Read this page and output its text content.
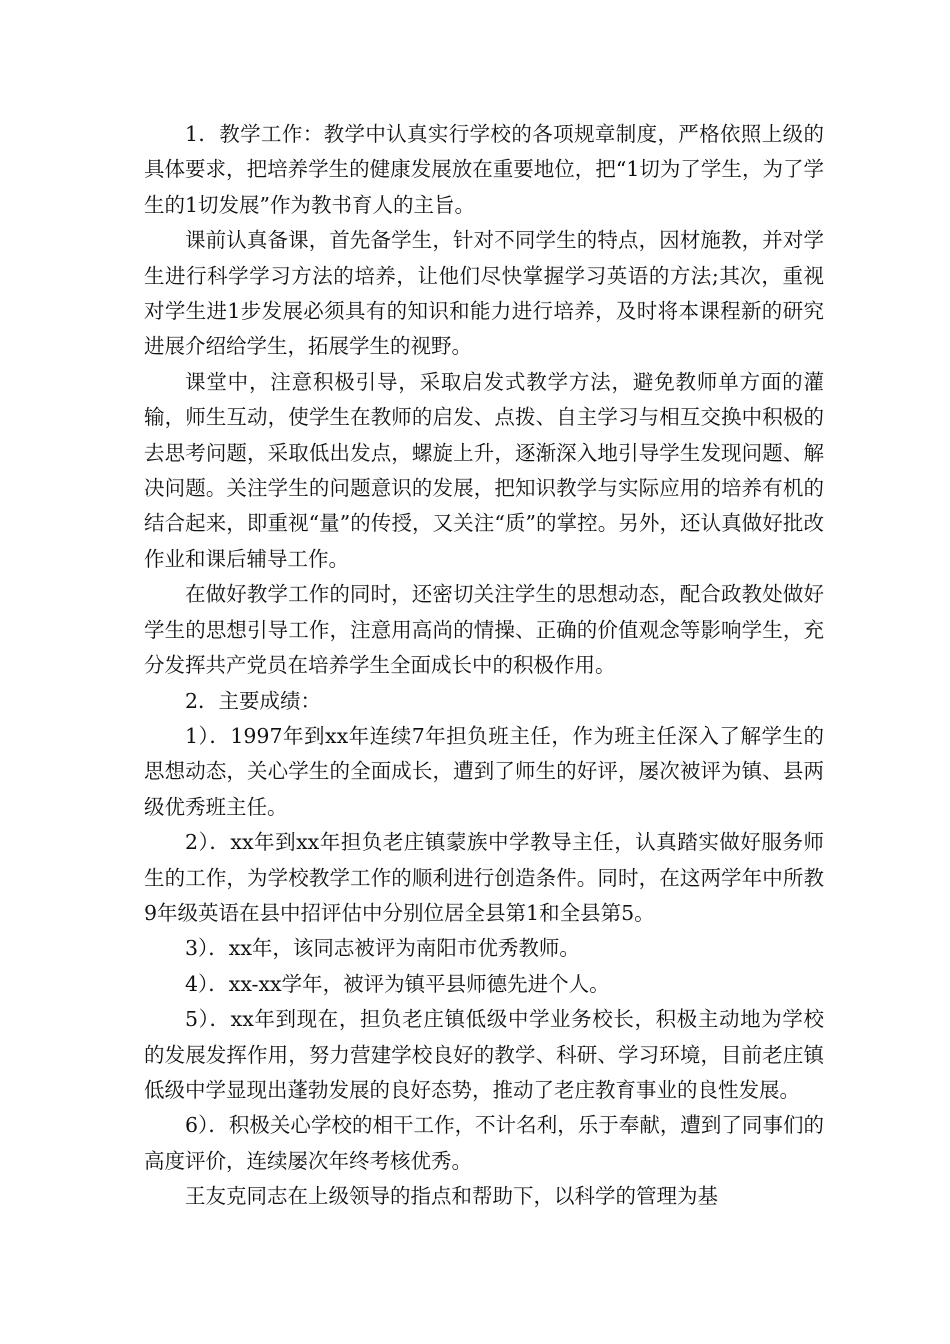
1．教学工作：教学中认真实行学校的各项规章制度，严格依照上级的具体要求，把培养学生的健康发展放在重要地位，把“1切为了学生，为了学生的1切发展”作为教书育人的主旨。

课前认真备课，首先备学生，针对不同学生的特点，因材施教，并对学生进行科学学习方法的培养，让他们尽快掌握学习英语的方法;其次，重视对学生进1步发展必须具有的知识和能力进行培养，及时将本课程新的研究进展介绍给学生，拓展学生的视野。

课堂中，注意积极引导，采取启发式教学方法，避免教师单方面的灌输，师生互动，使学生在教师的启发、点拨、自主学习与相互交换中积极的去思考问题，采取低出发点，螺旋上升，逐渐深入地引导学生发现问题、解决问题。关注学生的问题意识的发展，把知识教学与实际应用的培养有机的结合起来，即重视“量”的传授，又关注“质”的掌控。另外，还认真做好批改作业和课后辅导工作。

在做好教学工作的同时，还密切关注学生的思想动态，配合政教处做好学生的思想引导工作，注意用高尚的情操、正确的价值观念等影响学生，充分发挥共产党员在培养学生全面成长中的积极作用。

2．主要成绩：

1）．1997年到xx年连续7年担负班主任，作为班主任深入了解学生的思想动态，关心学生的全面成长，遭到了师生的好评，屡次被评为镇、县两级优秀班主任。

2）．xx年到xx年担负老庄镇蒙族中学教导主任，认真踏实做好服务师生的工作，为学校教学工作的顺利进行创造条件。同时，在这两学年中所教9年级英语在县中招评估中分别位居全县第1和全县第5。

3）．xx年，该同志被评为南阳市优秀教师。

4）．xx-xx学年，被评为镇平县师德先进个人。

5）．xx年到现在，担负老庄镇低级中学业务校长，积极主动地为学校的发展发挥作用，努力营建学校良好的教学、科研、学习环境，目前老庄镇低级中学显现出蓬勃发展的良好态势，推动了老庄教育事业的良性发展。

6）．积极关心学校的相干工作，不计名利，乐于奉献，遭到了同事们的高度评价，连续屡次年终考核优秀。

王友克同志在上级领导的指点和帮助下，以科学的管理为基
